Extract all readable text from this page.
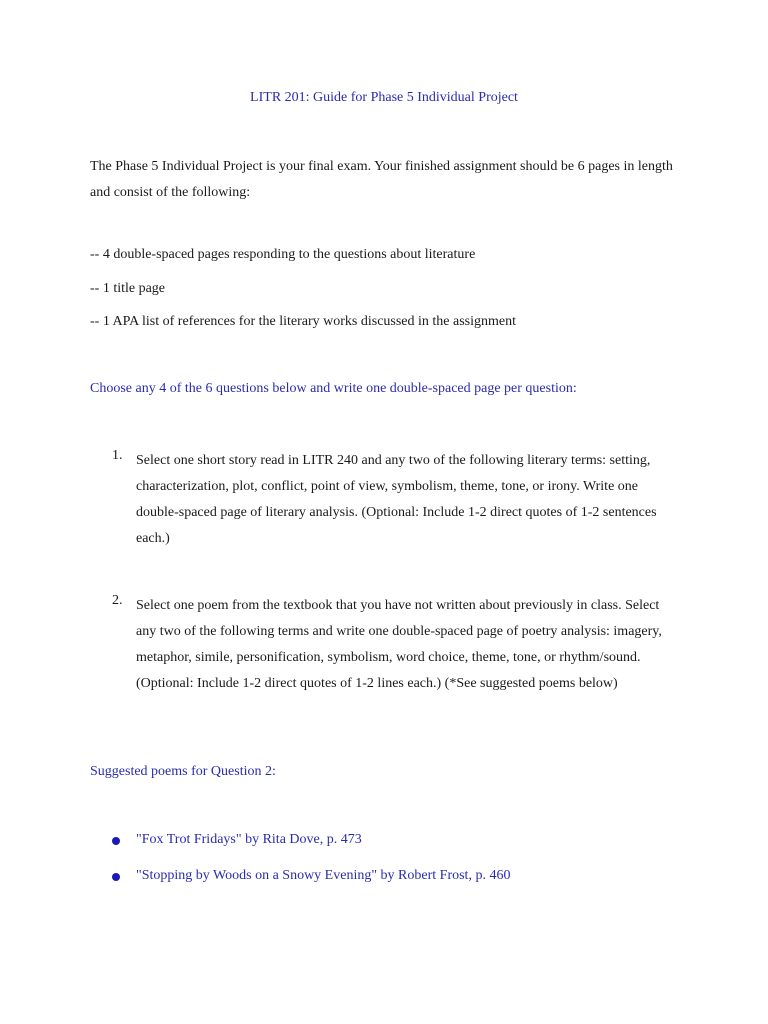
LITR 201: Guide for Phase 5 Individual Project
The Phase 5 Individual Project is your final exam. Your finished assignment should be 6 pages in length and consist of the following:
-- 4 double-spaced pages responding to the questions about literature
-- 1 title page
-- 1 APA list of references for the literary works discussed in the assignment
Choose any 4 of the 6 questions below and write one double-spaced page per question:
1. Select one short story read in LITR 240 and any two of the following literary terms: setting, characterization, plot, conflict, point of view, symbolism, theme, tone, or irony. Write one double-spaced page of literary analysis. (Optional: Include 1-2 direct quotes of 1-2 sentences each.)
2. Select one poem from the textbook that you have not written about previously in class. Select any two of the following terms and write one double-spaced page of poetry analysis: imagery, metaphor, simile, personification, symbolism, word choice, theme, tone, or rhythm/sound. (Optional: Include 1-2 direct quotes of 1-2 lines each.) (*See suggested poems below)
Suggested poems for Question 2:
"Fox Trot Fridays" by Rita Dove, p. 473
"Stopping by Woods on a Snowy Evening" by Robert Frost, p. 460
